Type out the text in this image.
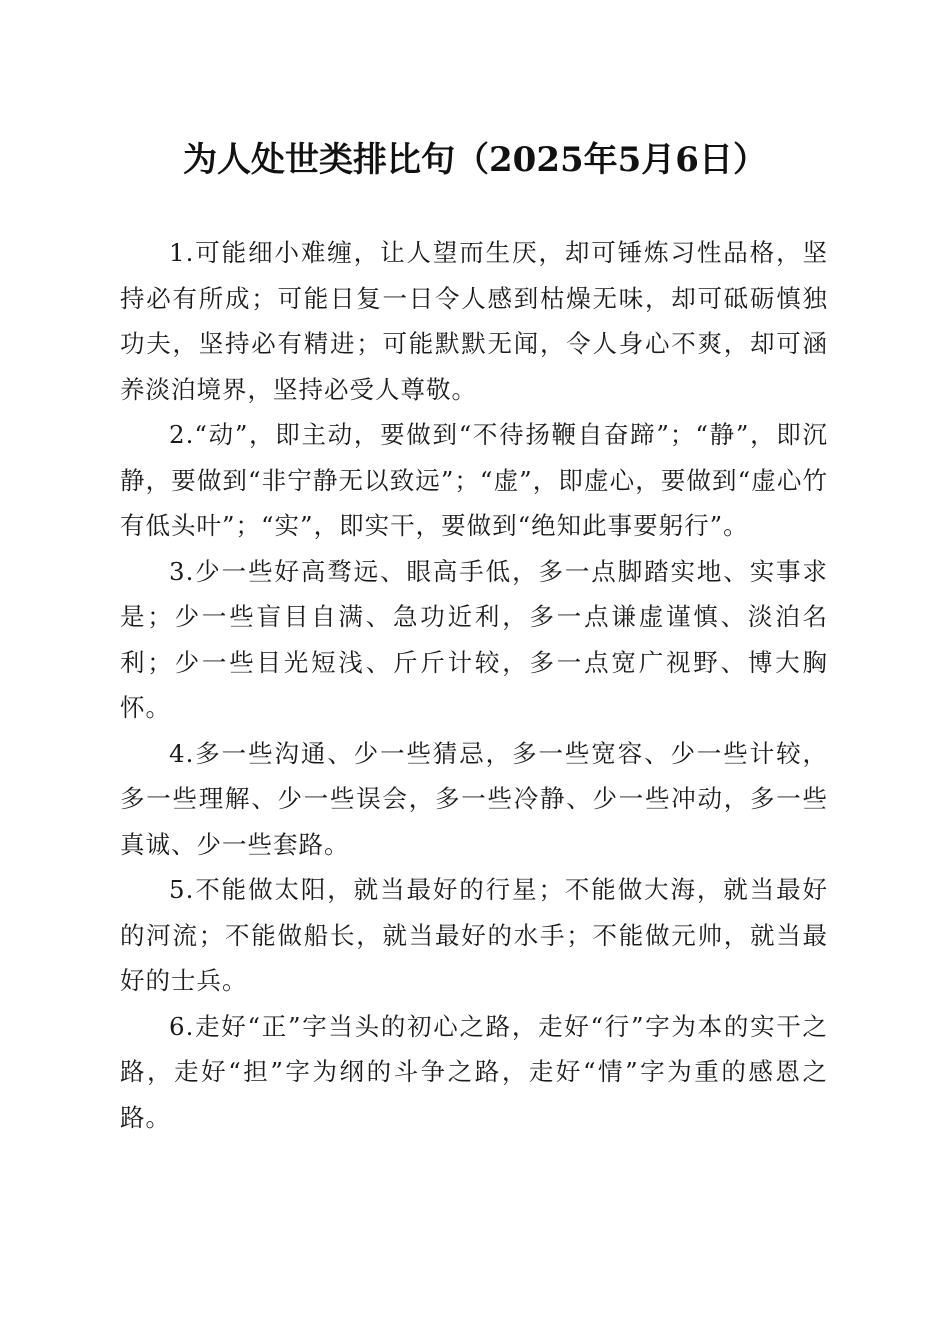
为人处世类排比句（2025年5月6日）

1.可能细小难缠，让人望而生厌，却可锤炼习性品格，坚持必有所成；可能日复一日令人感到枯燥无味，却可砥砺慎独功夫，坚持必有精进；可能默默无闻，令人身心不爽，却可涵养淡泊境界，坚持必受人尊敬。

2.“动”，即主动，要做到“不待扬鞭自奋蹄”；“静”，即沉静，要做到“非宁静无以致远”；“虚”，即虚心，要做到“虚心竹有低头叶”；“实”，即实干，要做到“绝知此事要躬行”。

3.少一些好高骛远、眼高手低，多一点脚踏实地、实事求是；少一些盲目自满、急功近利，多一点谦虚谨慎、淡泊名利；少一些目光短浅、斤斤计较，多一点宽广视野、博大胸怀。

4.多一些沟通、少一些猜忌，多一些宽容、少一些计较，多一些理解、少一些误会，多一些冷静、少一些冲动，多一些真诚、少一些套路。

5.不能做太阳，就当最好的行星；不能做大海，就当最好的河流；不能做船长，就当最好的水手；不能做元帅，就当最好的士兵。

6.走好“正”字当头的初心之路，走好“行”字为本的实干之路，走好“担”字为纲的斗争之路，走好“情”字为重的感恩之路。
